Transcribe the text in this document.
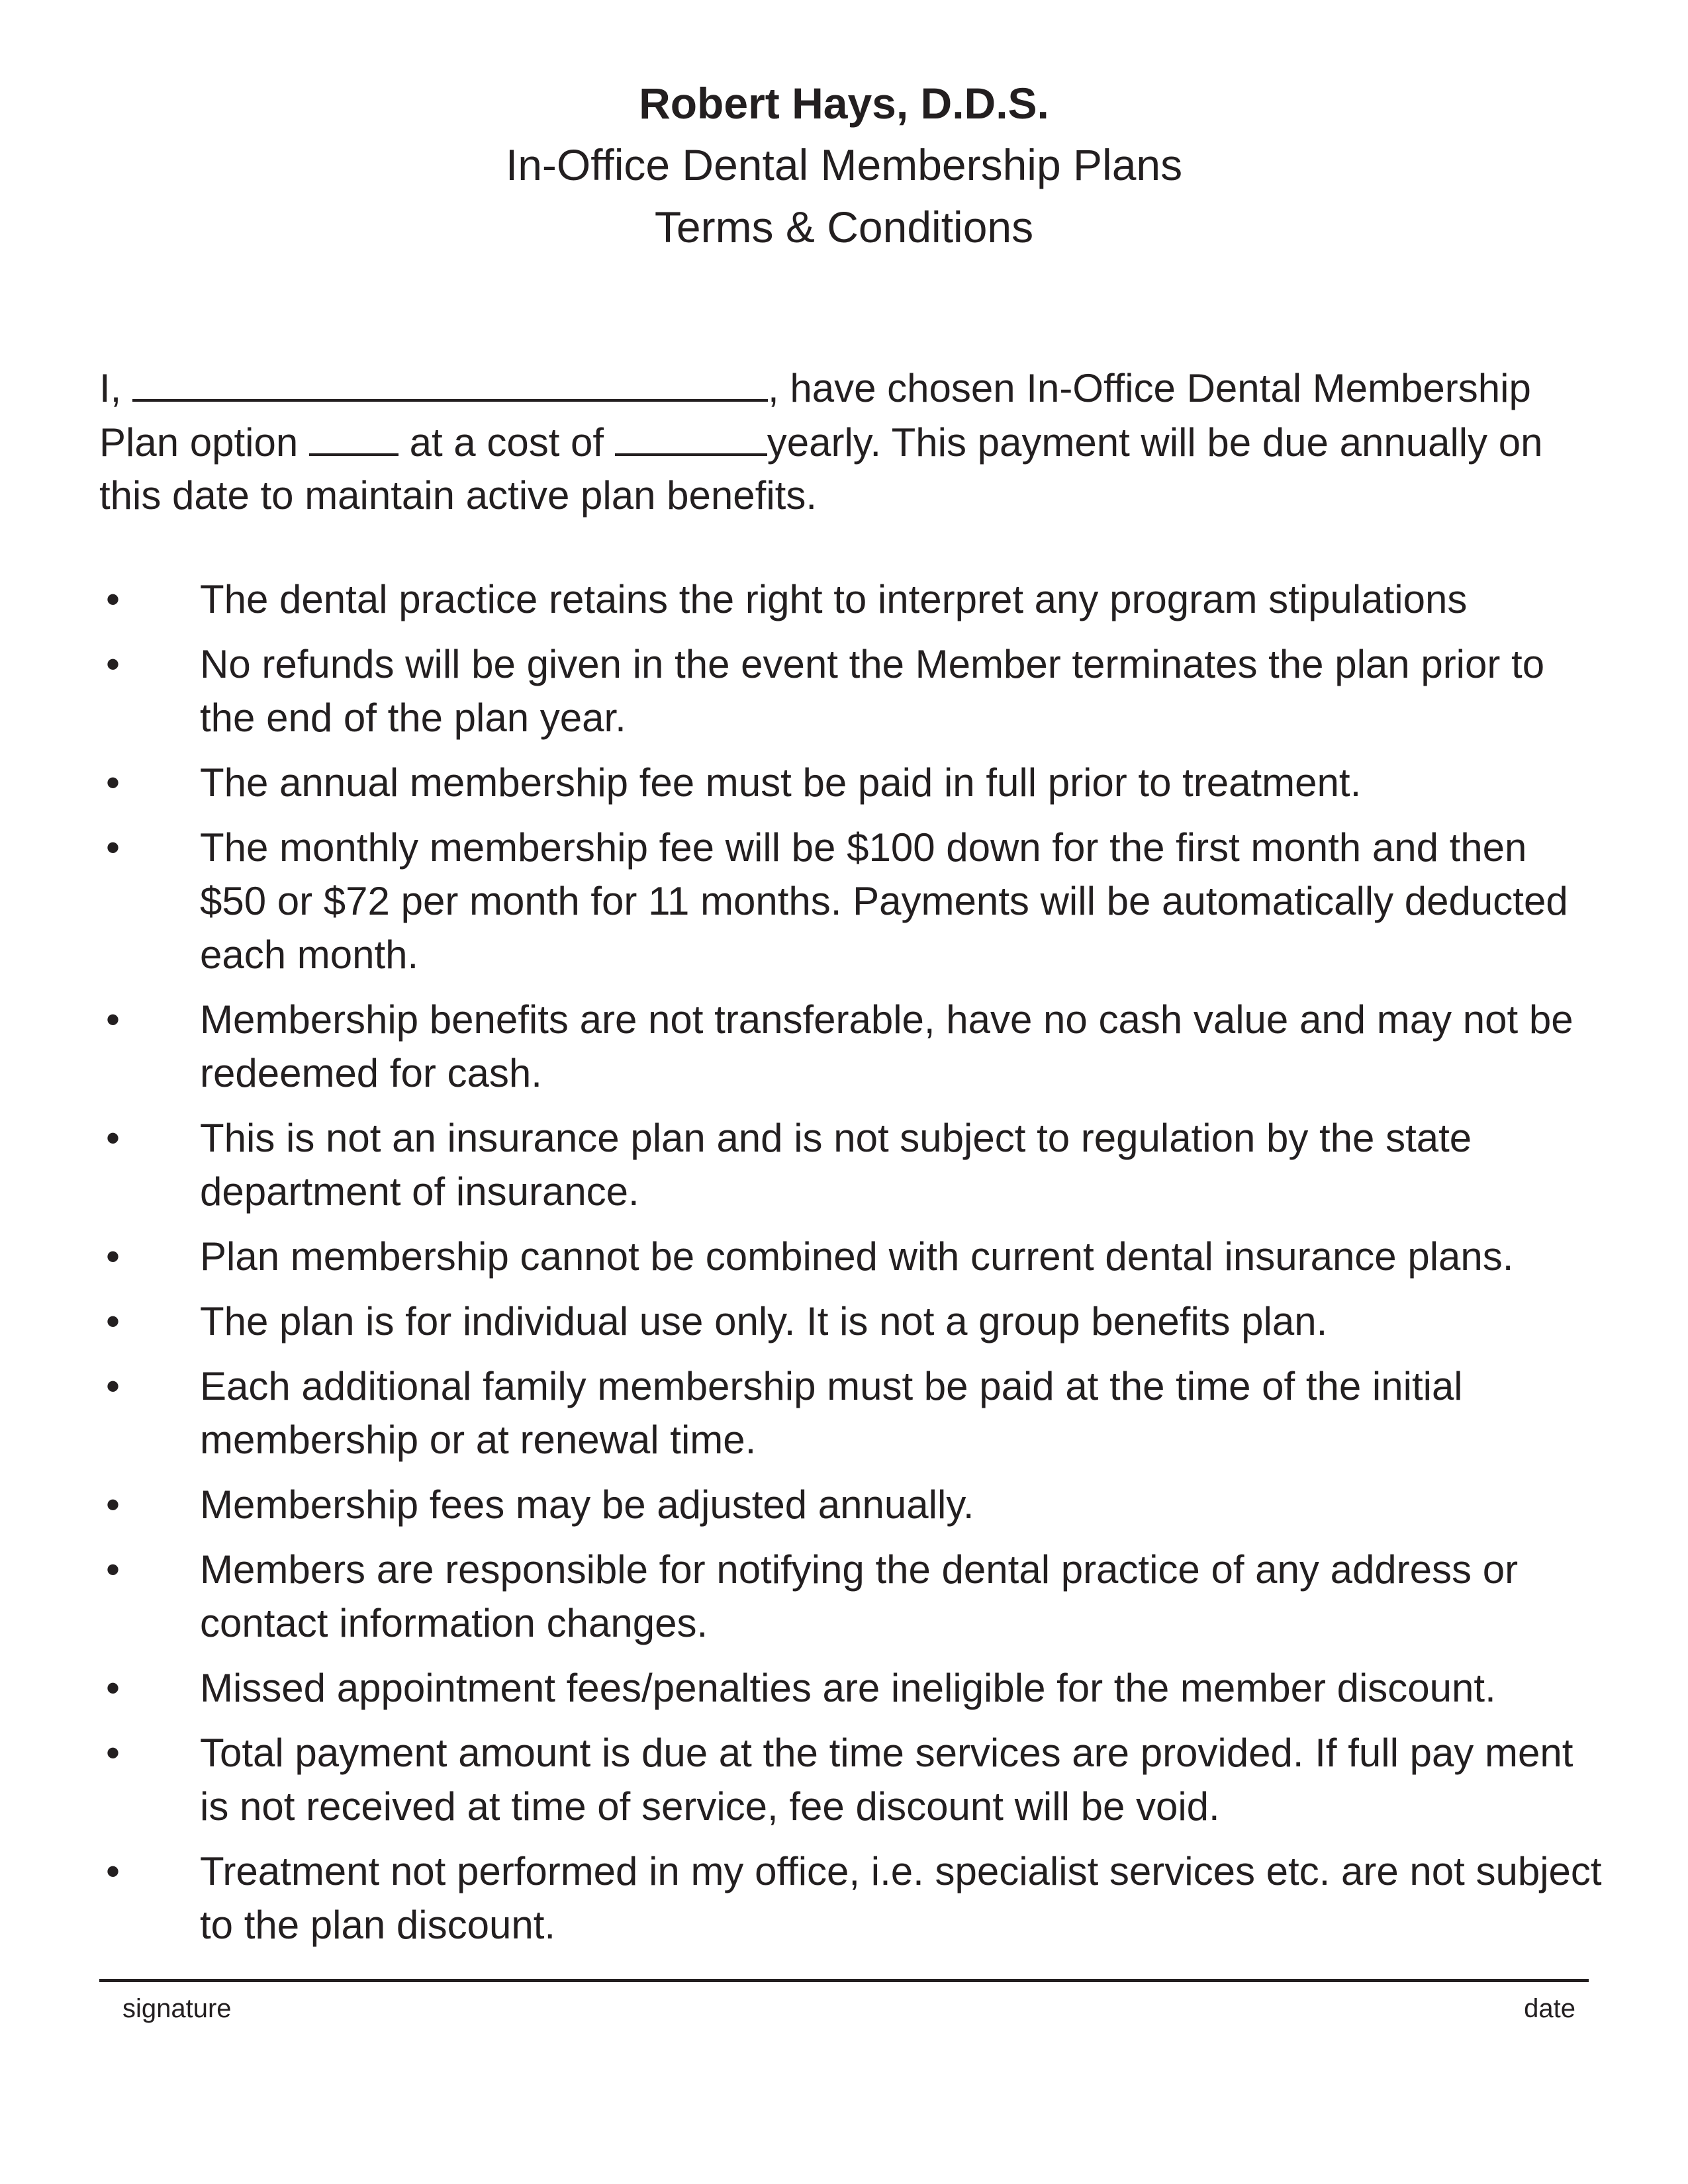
Robert Hays, D.D.S.
In-Office Dental Membership Plans
Terms & Conditions

I,	, have chosen In-Office Dental Membership Plan option	at a cost of	yearly. This payment will be due annually on this date to maintain active plan benefits.

• The dental practice retains the right to interpret any program stipulations
• No refunds will be given in the event the Member terminates the plan prior to the end of the plan year.
• The annual membership fee must be paid in full prior to treatment.
• The monthly membership fee will be $100 down for the first month and then $50 or $72 per month for 11 months. Payments will be automatically deducted each month.
• Membership benefits are not transferable, have no cash value and may not be redeemed for cash.
• This is not an insurance plan and is not subject to regulation by the state department of insurance.
• Plan membership cannot be combined with current dental insurance plans.
• The plan is for individual use only. It is not a group benefits plan.
• Each additional family membership must be paid at the time of the initial membership or at renewal time.
• Membership fees may be adjusted annually.
• Members are responsible for notifying the dental practice of any address or contact information changes.
• Missed appointment fees/penalties are ineligible for the member discount.
• Total payment amount is due at the time services are provided. If full pay ment is not received at time of service, fee discount will be void.
• Treatment not performed in my office, i.e. specialist services etc. are not subject to the plan discount.
signature	date
